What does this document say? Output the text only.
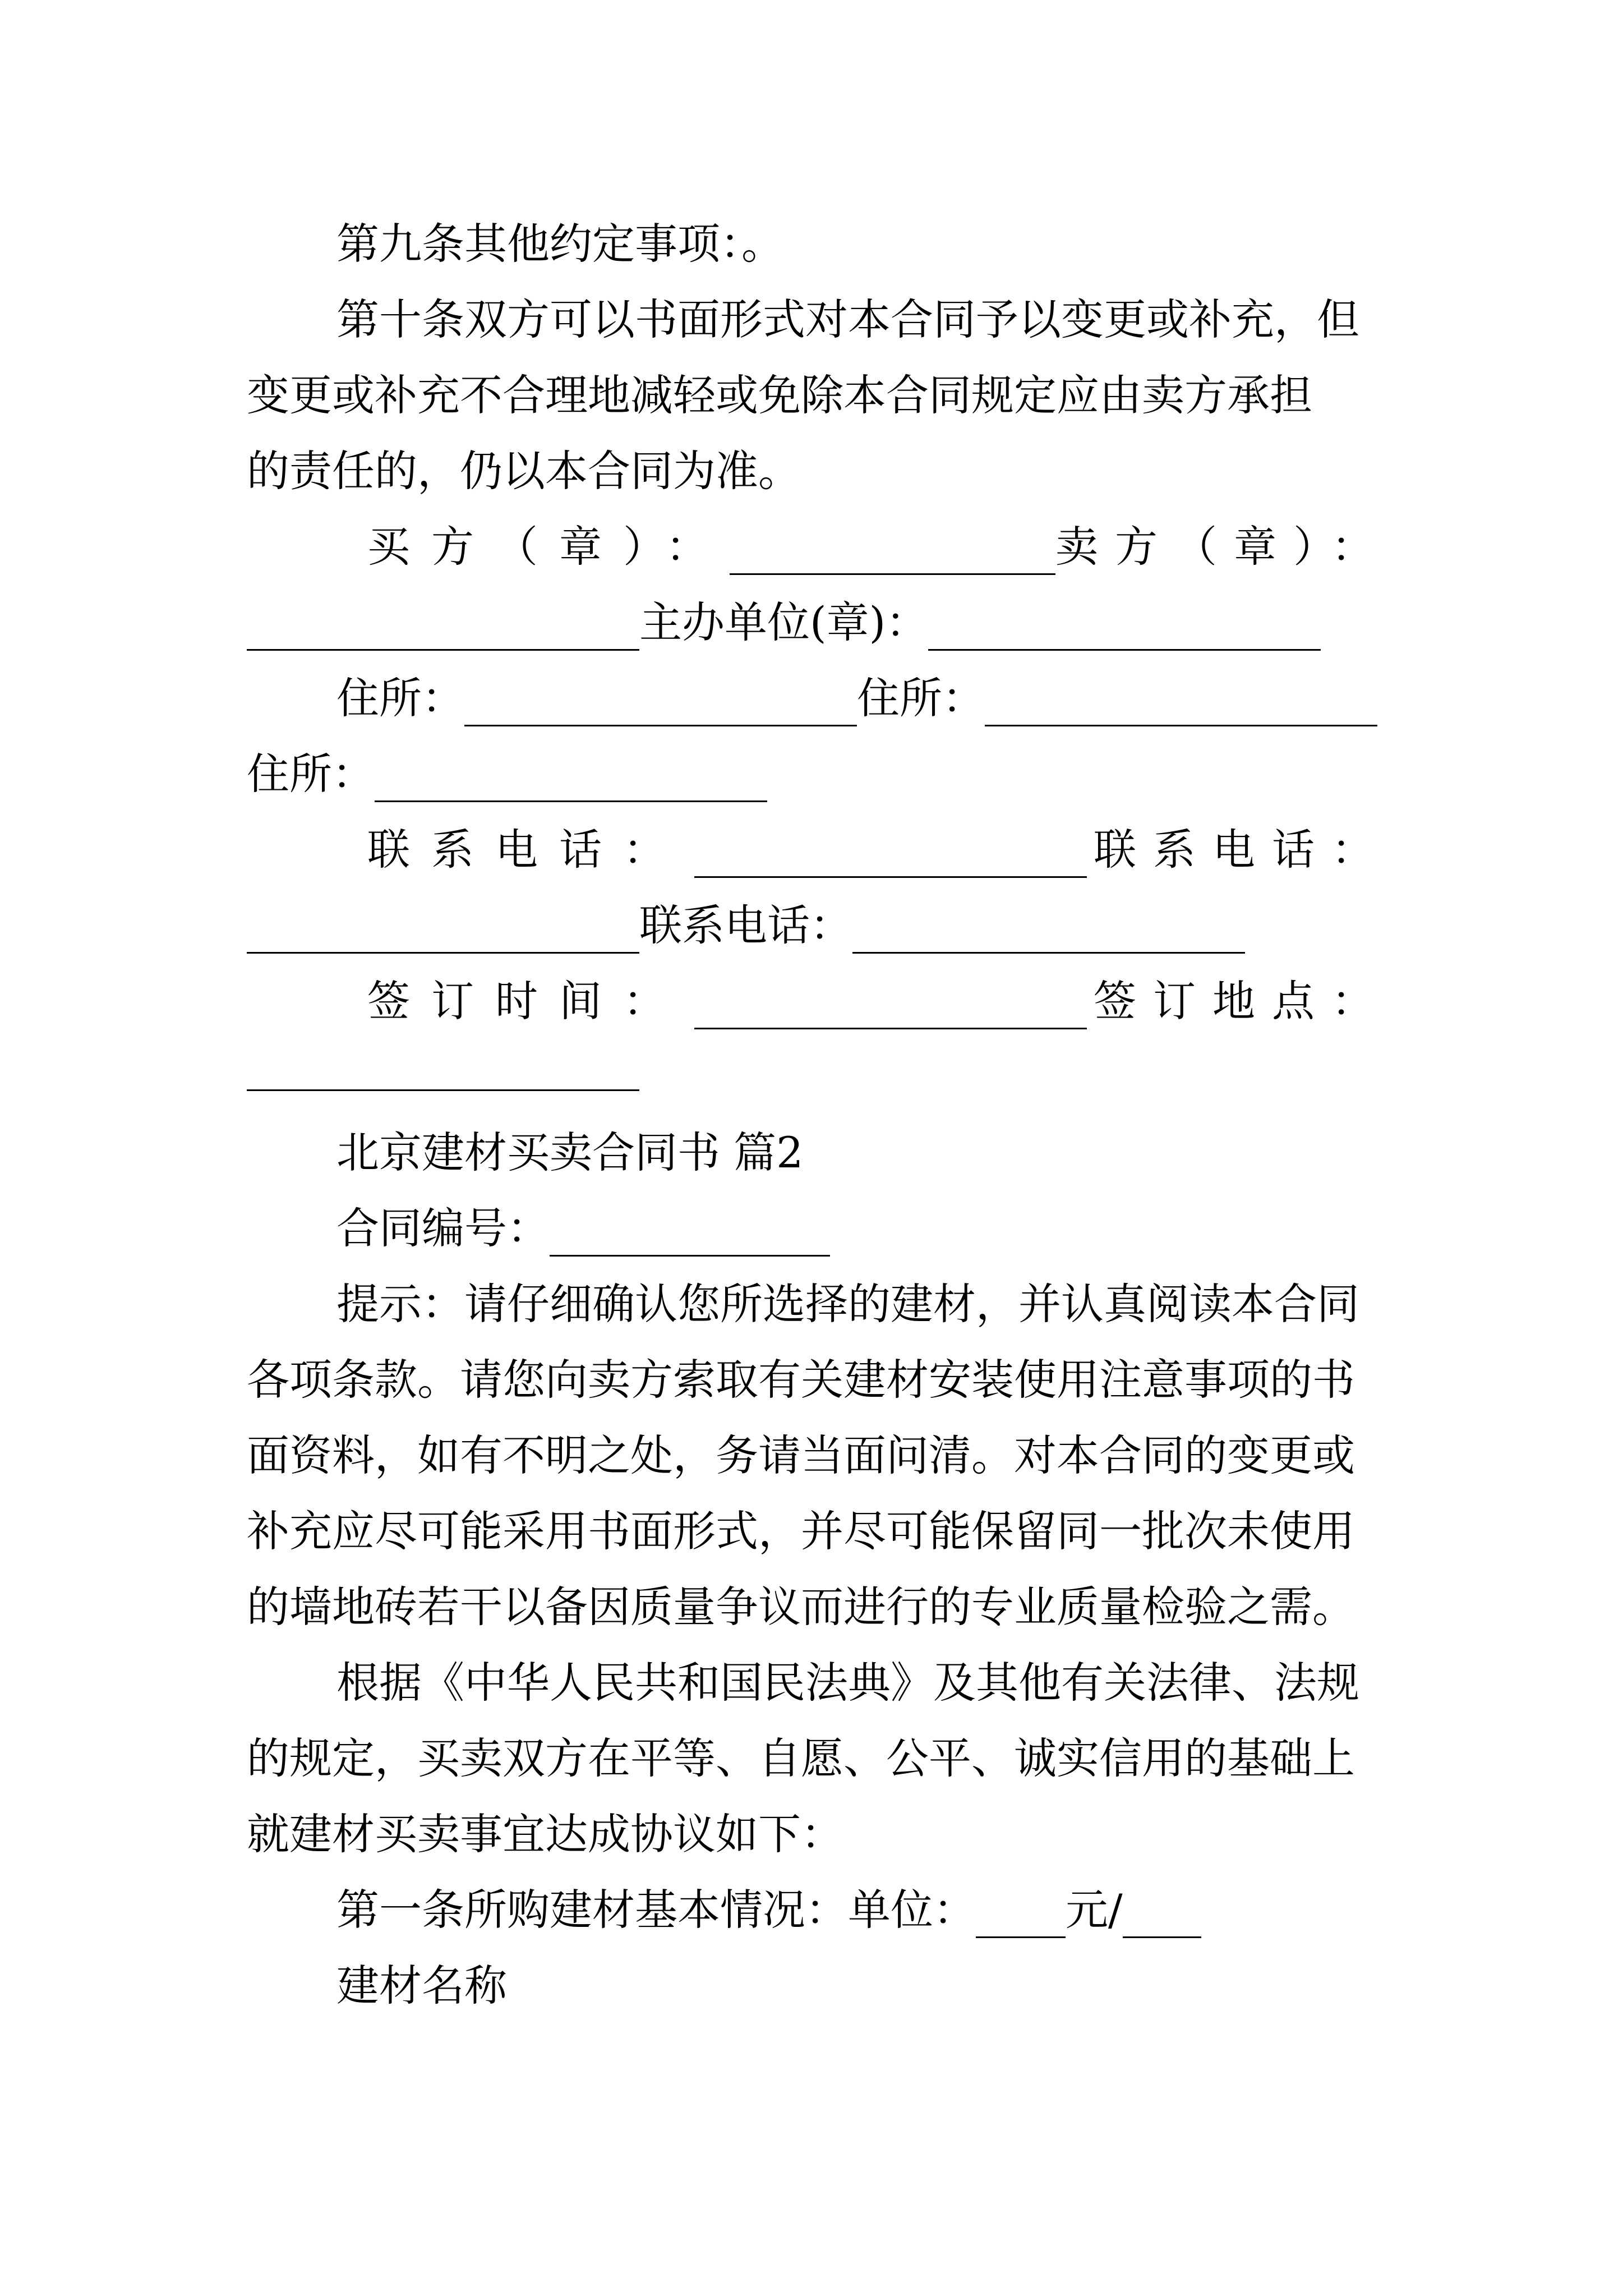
第九条其他约定事项：。
第十条双方可以书面形式对本合同予以变更或补充，但
变更或补充不合理地减轻或免除本合同规定应由卖方承担
的责任的，仍以本合同为准。
买方（章）：	卖方（章）：
主办单位(章)：
住所：	住所：
住所：
联系电话：	联系电话：
联系电话：
签订时间：	签订地点：
北京建材买卖合同书 篇2
合同编号：
提示：请仔细确认您所选择的建材，并认真阅读本合同
各项条款。请您向卖方索取有关建材安装使用注意事项的书
面资料，如有不明之处，务请当面问清。对本合同的变更或
补充应尽可能采用书面形式，并尽可能保留同一批次未使用
的墙地砖若干以备因质量争议而进行的专业质量检验之需。
根据《中华人民共和国民法典》及其他有关法律、法规
的规定，买卖双方在平等、自愿、公平、诚实信用的基础上
就建材买卖事宜达成协议如下：
第一条所购建材基本情况：单位： 元/
建材名称
